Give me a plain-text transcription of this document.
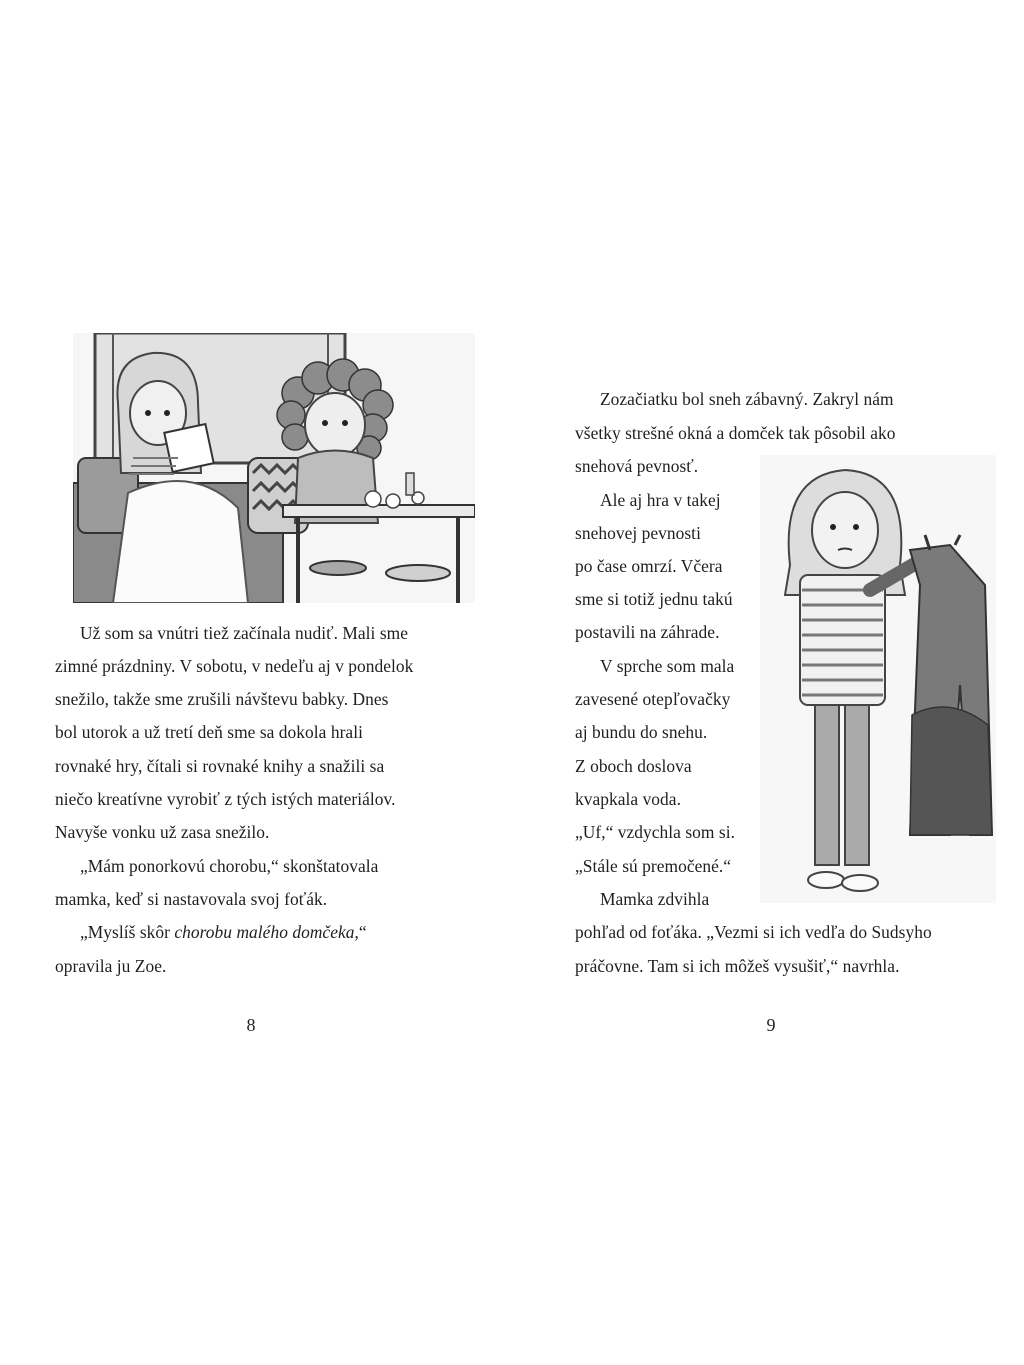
Už som sa vnútri tiež začínala nudiť. Mali sme
zimné prázdniny. V sobotu, v nedeľu aj v pondelok
snežilo, takže sme zrušili návštevu babky. Dnes
bol utorok a už tretí deň sme sa dokola hrali
rovnaké hry, čítali si rovnaké knihy a snažili sa
niečo kreatívne vyrobiť z tých istých materiálov.
Navyše vonku už zasa snežilo.
„Mám ponorkovú chorobu,“ skonštatovala
mamka, keď si nastavovala svoj foťák.
„Myslíš skôr chorobu malého domčeka,“
opravila ju Zoe.
8
Zozačiatku bol sneh zábavný. Zakryl nám
všetky strešné okná a domček tak pôsobil ako
snehová pevnosť.
Ale aj hra v takej
snehovej pevnosti
po čase omrzí. Včera
sme si totiž jednu takú
postavili na záhrade.
V sprche som mala
zavesené otepľovačky
aj bundu do snehu.
Z oboch doslova
kvapkala voda.
„Uf,“ vzdychla som si.
„Stále sú premočené.“
Mamka zdvihla
pohľad od foťáka. „Vezmi si ich vedľa do Sudsyho
práčovne. Tam si ich môžeš vysušiť,“ navrhla.
9
